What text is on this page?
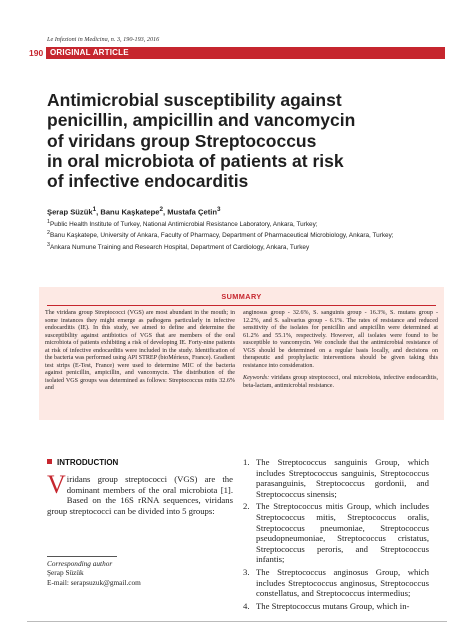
Le Infezioni in Medicina, n. 3, 190-193, 2016
190 ORIGINAL ARTICLE
Antimicrobial susceptibility against
penicillin, ampicillin and vancomycin
of viridans group Streptococcus
in oral microbiota of patients at risk
of infective endocarditis
Şerap Süzük$^1$, Banu Kaşkatepe$^2$, Mustafa Çetin$^3$

$^1$Public Health Institute of Turkey, National Antimicrobial Resistance Laboratory, Ankara, Turkey;

$^2$Banu Kaşkatepe, University of Ankara, Faculty of Pharmacy, Department of Pharmaceutical Microbiology, Ankara, Turkey;

$^3$Ankara Numune Training and Research Hospital, Department of Cardiology, Ankara, Turkey

SUMMARY

The viridans group Streptococci (VGS) are most abundant in the mouth; in some instances they might emerge as pathogens particularly in infective endocarditis (IE). In this study, we aimed to define and determine the susceptibility against antibiotics of VGS that are members of the oral microbiota of patients exhibiting a risk of developing IE. Forty-nine patients at risk of infective endocarditis were included in the study. Identification of the bacteria was performed using API STREP (bioMérieux, France). Gradient test strips (E-Test, France) were used to determine MIC of the bacteria against penicillin, ampicillin, and vancomycin. The distribution of the isolated VGS groups was determined as follows: Streptococcus mitis 32.6% and

anginosus group - 32.6%, S. sanguinis group - 16.3%, S. mutans group - 12.2%, and S. salivarius group - 6.1%. The rates of resistance and reduced sensitivity of the isolates for penicillin and ampicillin were determined at 61.2% and 55.1%, respectively. However, all isolates were found to be susceptible to vancomycin. We conclude that the antimicrobial resistance of VGS should be determined on a regular basis locally, and decisions on therapeutic and prophylactic interventions should be given taking this resistance into consideration.

Keywords: viridans group streptococci, oral microbiota, infective endocarditis, beta-lactam, antimicrobial resistance.

INTRODUCTION
Viridans group streptococci (VGS) are the dominant members of the oral microbiota [1]. Based on the 16S rRNA sequences, viridans group streptococci can be divided into 5 groups:

Corresponding author

Şerap Süzük

E-mail: serapsuzuk@gmail.com

1. The Streptococcus sanguinis Group, which includes Streptococcus sanguinis, Streptococcus parasanguinis, Streptococcus gordonii, and Streptococcus sinensis;
2. The Streptococcus mitis Group, which includes Streptococcus mitis, Streptococcus oralis, Streptococcus pneumoniae, Streptococcus pseudopneumoniae, Streptococcus cristatus, Streptococcus peroris, and Streptococcus infantis;
3. The Streptococcus anginosus Group, which includes Streptococcus anginosus, Streptococcus constellatus, and Streptococcus intermedius;
4. The Streptococcus mutans Group, which in-
